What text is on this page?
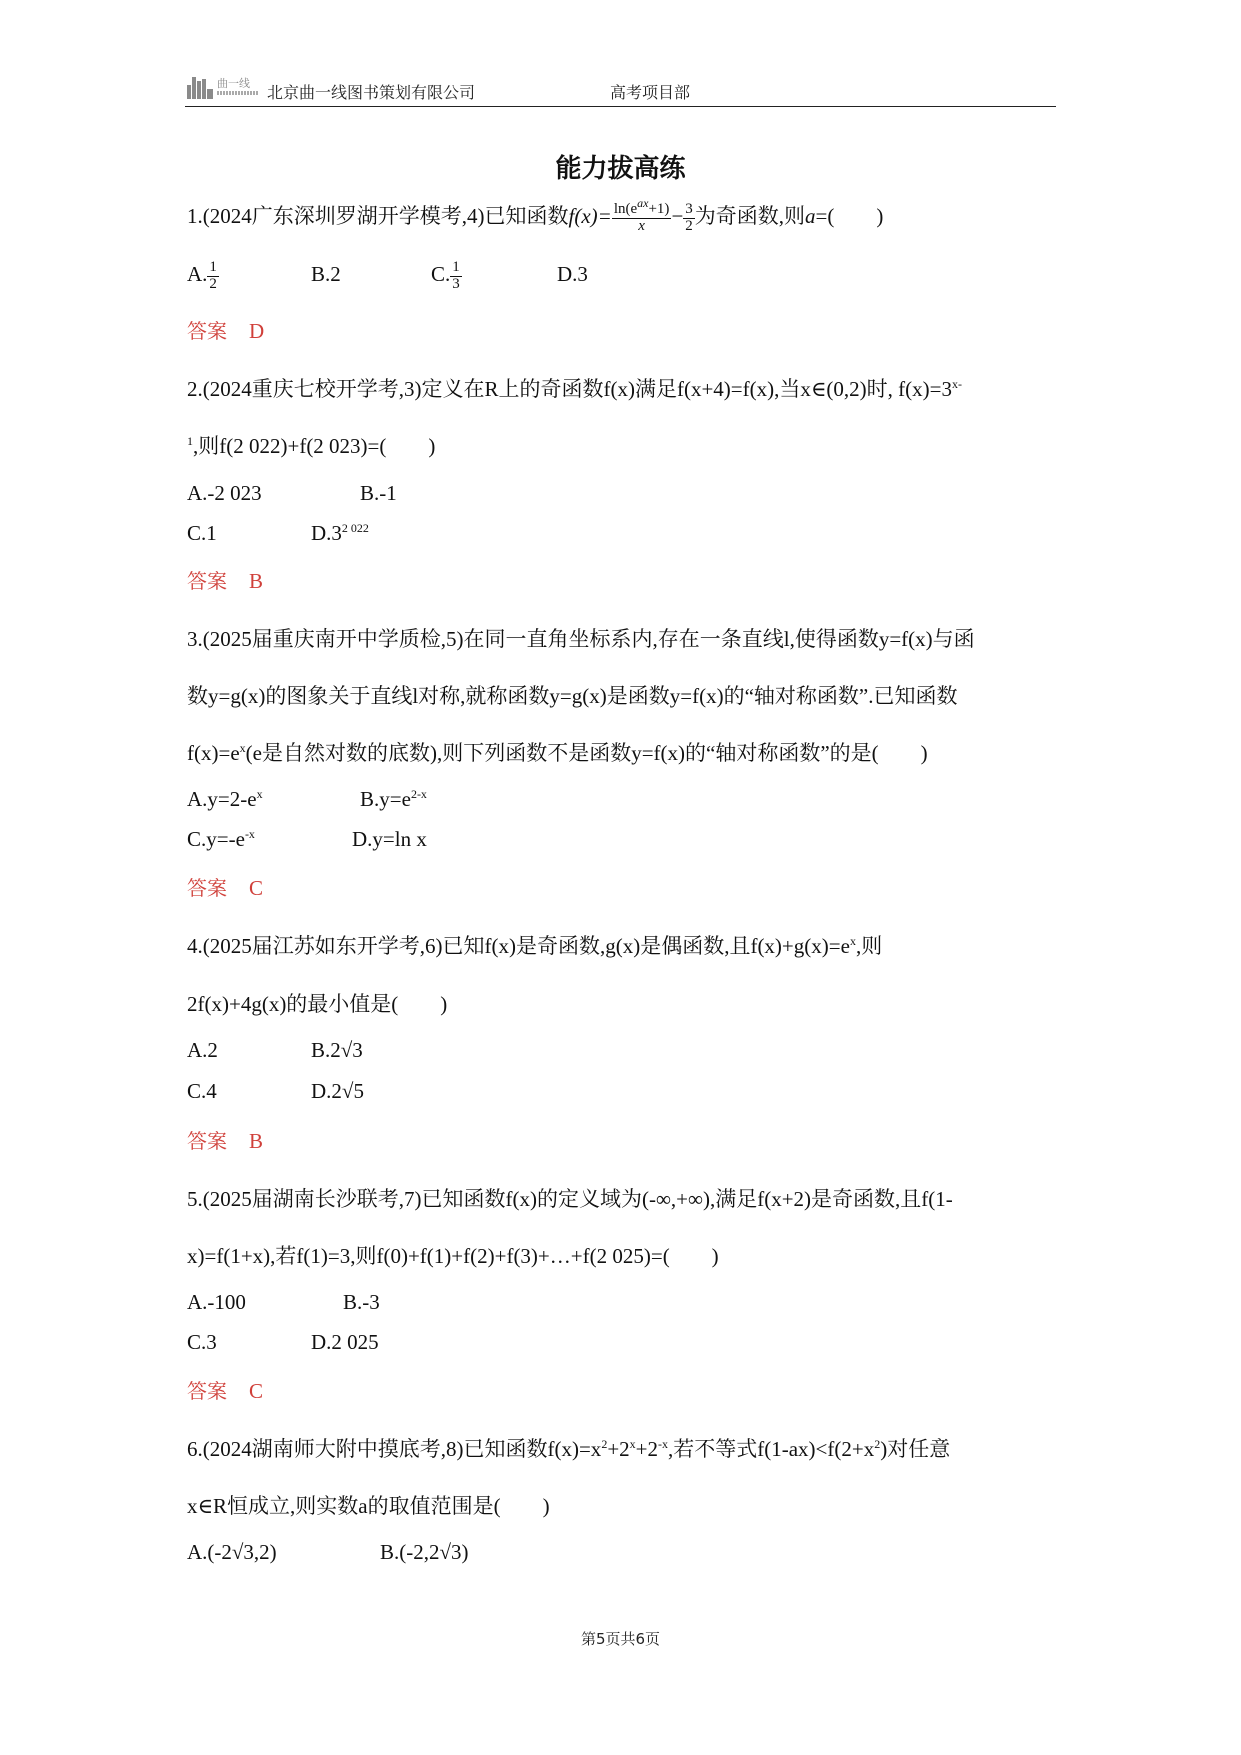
曲一线 北京曲一线图书策划有限公司	高考项目部
能力拔高练
1.(2024广东深圳罗湖开学模考,4)已知函数$f(x)= \frac{\ln(e^{ax}+1)}{x} - \frac{3}{2}$ 为奇函数,则a=(　　)
A. $\frac{1}{2}$	B.2	C. $\frac{1}{3}$	D.3
答案 D
2.(2024重庆七校开学考,3)定义在R上的奇函数f(x)满足f(x+4)=f(x),当x∈(0,2)时, $f(x)=3^{x-}$
$^1$,则f(2 022)+f(2 023)=(　　)
A.-2 023	B.-1
C.1	$D.3^{2 022}$
答案 B
3.(2025届重庆南开中学质检,5)在同一直角坐标系内,存在一条直线l,使得函数y=f(x)与函
数y=g(x)的图象关于直线l对称,就称函数y=g(x)是函数y=f(x)的“轴对称函数”.已知函数
$f(x)=e^x(e$是自然对数的底数),则下列函数不是函数y=f(x)的“轴对称函数”的是(　　)
$A.y=2-e^x$	$B.y=e^{2-x}$
$C.y=-e^{-x}$	D.y=ln x
答案 C
4.(2025届江苏如东开学考,6)已知f(x)是奇函数,g(x)是偶函数,且$f(x)+g(x)=e^x$,则
2f(x)+4g(x)的最小值是(　　)
A.2	B.2√3
C.4	D.2√5
答案 B
5.(2025届湖南长沙联考,7)已知函数f(x)的定义域为(-∞,+∞),满足f(x+2)是奇函数,且f(1-
x)=f(1+x),若f(1)=3,则f(0)+f(1)+f(2)+f(3)+…+f(2 025)=(　　)
A.-100	B.-3
C.3	D.2 025
答案 C
6.(2024湖南师大附中摸底考,8)已知函数$f(x)=x^2+2^x+2^{-x}$,若不等式$f(1-ax)<f(2+x^2)$对任意
x∈R恒成立,则实数a的取值范围是(　　)
A.(-2√3,2)	B.(-2,2√3)
第5页共6页
